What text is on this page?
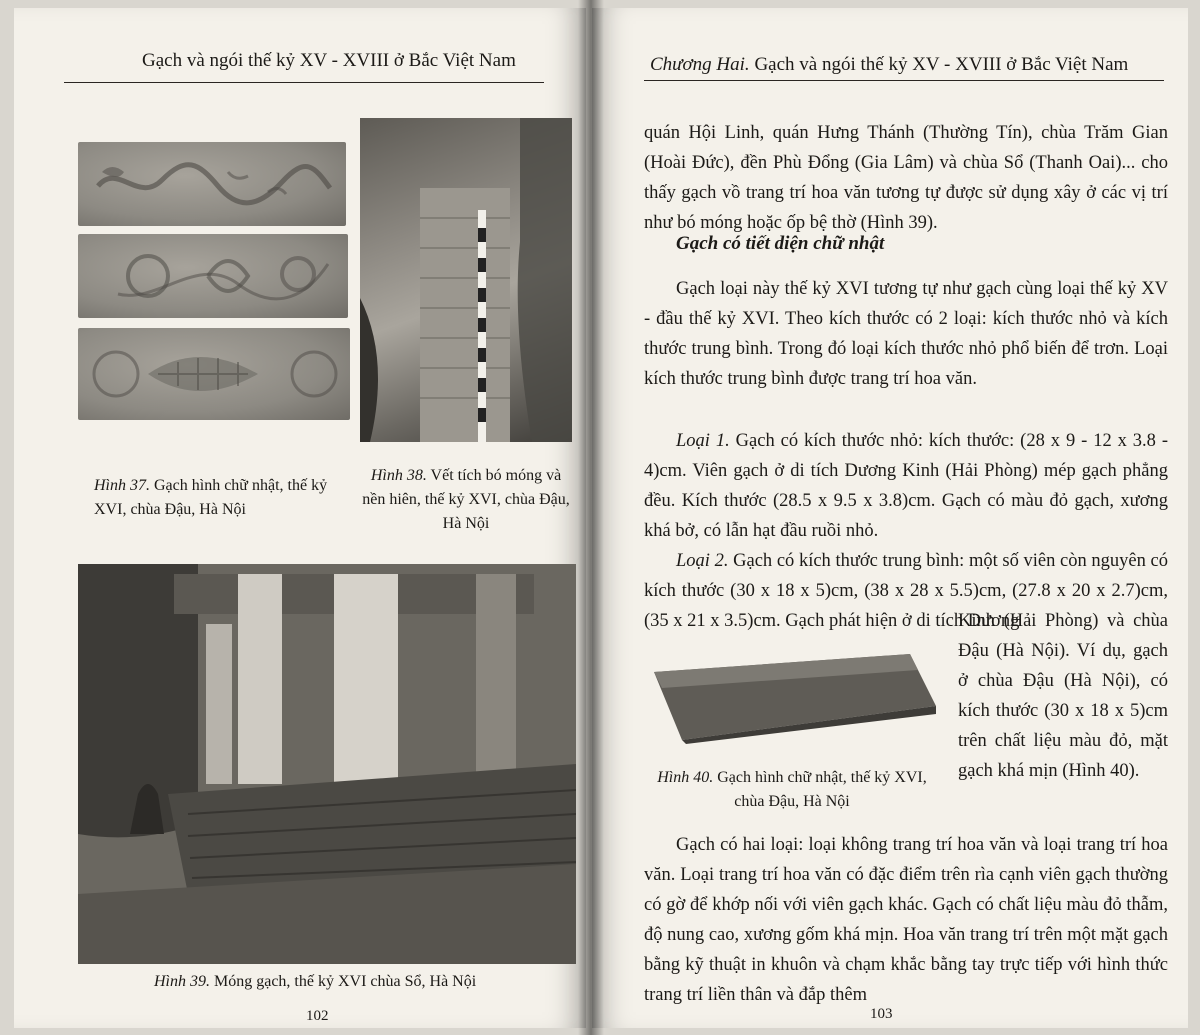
Gạch và ngói thế kỷ XV - XVIII ở Bắc Việt Nam
Hình 37. Gạch hình chữ nhật, thế kỷ XVI, chùa Đậu, Hà Nội
Hình 38. Vết tích bó móng và nền hiên, thế kỷ XVI, chùa Đậu, Hà Nội
Hình 39. Móng gạch, thế kỷ XVI chùa Sổ, Hà Nội
102
Chương Hai. Gạch và ngói thế kỷ XV - XVIII ở Bắc Việt Nam
quán Hội Linh, quán Hưng Thánh (Thường Tín), chùa Trăm Gian (Hoài Đức), đền Phù Đổng (Gia Lâm) và chùa Sổ (Thanh Oai)... cho thấy gạch vồ trang trí hoa văn tương tự được sử dụng xây ở các vị trí như bó móng hoặc ốp bệ thờ (Hình 39).
Gạch có tiết diện chữ nhật
Gạch loại này thế kỷ XVI tương tự như gạch cùng loại thế kỷ XV - đầu thế kỷ XVI. Theo kích thước có 2 loại: kích thước nhỏ và kích thước trung bình. Trong đó loại kích thước nhỏ phổ biến để trơn. Loại kích thước trung bình được trang trí hoa văn.
Loại 1. Gạch có kích thước nhỏ: kích thước: (28 x 9 - 12 x 3.8 - 4)cm. Viên gạch ở di tích Dương Kinh (Hải Phòng) mép gạch phẳng đều. Kích thước (28.5 x 9.5 x 3.8)cm. Gạch có màu đỏ gạch, xương khá bở, có lẫn hạt đầu ruồi nhỏ.
Loại 2. Gạch có kích thước trung bình: một số viên còn nguyên có kích thước (30 x 18 x 5)cm, (38 x 28 x 5.5)cm, (27.8 x 20 x 2.7)cm, (35 x 21 x 3.5)cm. Gạch phát hiện ở di tích Dương
Kinh (Hải Phòng) và chùa Đậu (Hà Nội). Ví dụ, gạch ở chùa Đậu (Hà Nội), có kích thước (30 x 18 x 5)cm trên chất liệu màu đỏ, mặt gạch khá mịn (Hình 40).
Hình 40. Gạch hình chữ nhật, thế kỷ XVI, chùa Đậu, Hà Nội
Gạch có hai loại: loại không trang trí hoa văn và loại trang trí hoa văn. Loại trang trí hoa văn có đặc điểm trên rìa cạnh viên gạch thường có gờ để khớp nối với viên gạch khác. Gạch có chất liệu màu đỏ thẫm, độ nung cao, xương gốm khá mịn. Hoa văn trang trí trên một mặt gạch bằng kỹ thuật in khuôn và chạm khắc bằng tay trực tiếp với hình thức trang trí liền thân và đắp thêm
103
